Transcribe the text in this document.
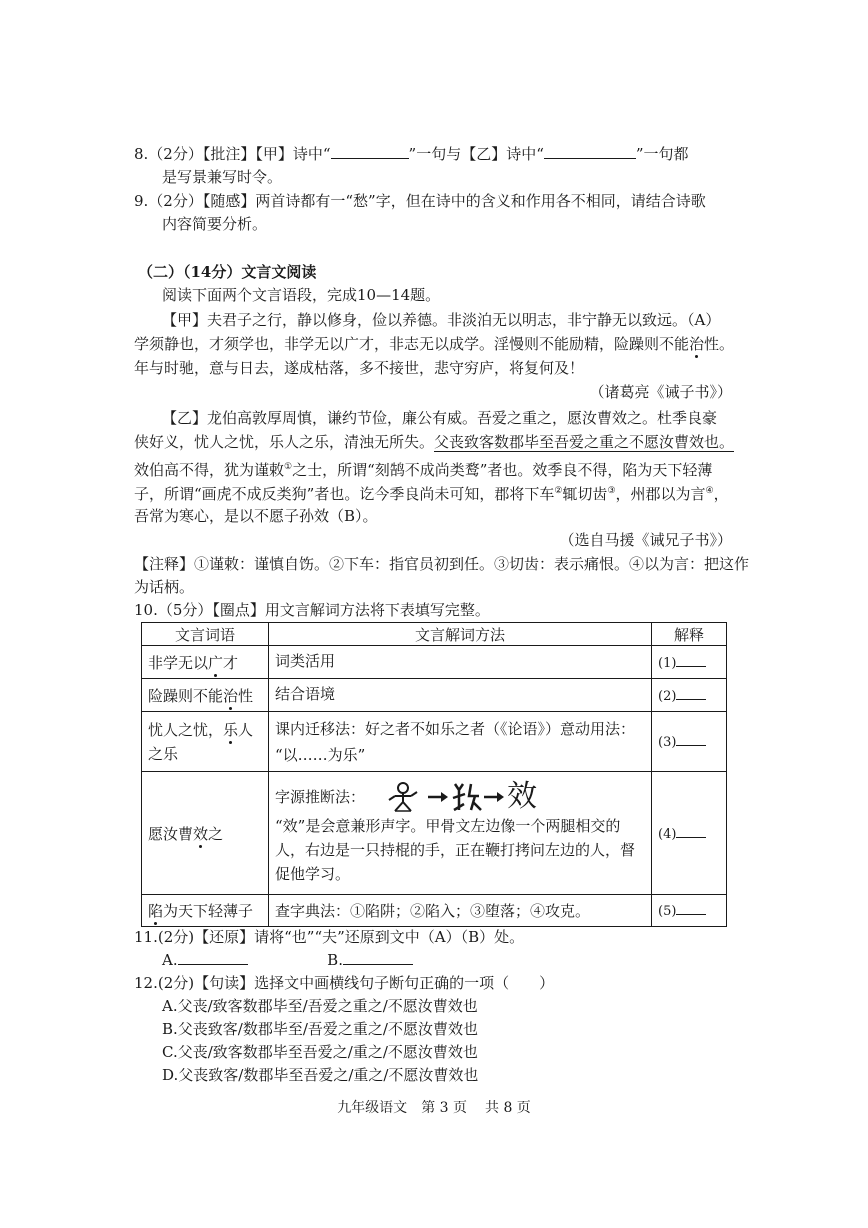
8.（2分）【批注】【甲】诗中“	”一句与【乙】诗中“	”一句都
是写景兼写时令。
9.（2分）【随感】两首诗都有一“愁”字，但在诗中的含义和作用各不相同，请结合诗歌
内容简要分析。
（二）（14分）文言文阅读
阅读下面两个文言语段，完成10—14题。
【甲】夫君子之行，静以修身，俭以养德。非淡泊无以明志，非宁静无以致远。（A）
学须静也，才须学也，非学无以广才，非志无以成学。淫慢则不能励精，险躁则不能治性。
年与时驰，意与日去，遂成枯落，多不接世，悲守穷庐，将复何及！
（诸葛亮《诫子书》）
【乙】龙伯高敦厚周慎，谦约节俭，廉公有威。吾爱之重之，愿汝曹效之。杜季良豪
侠好义，忧人之忧，乐人之乐，清浊无所失。父丧致客数郡毕至吾爱之重之不愿汝曹效也。
效伯高不得，犹为谨敕①之士，所谓“刻鹄不成尚类鹜”者也。效季良不得，陷为天下轻薄
子，所谓“画虎不成反类狗”者也。讫今季良尚未可知，郡将下车②辄切齿③，州郡以为言④，
吾常为寒心，是以不愿子孙效（B）。
（选自马援《诫兄子书》）
【注释】①谨敕：谨慎自饬。②下车：指官员初到任。③切齿：表示痛恨。④以为言：把这作
为话柄。
10.（5分）【圈点】用文言解词方法将下表填写完整。
文言词语	文言解词方法	解释
非学无以广才	词类活用	(1)
险躁则不能治性	结合语境	(2)
忧人之忧，乐人之乐	课内迁移法：好之者不如乐之者（《论语》）意动用法：
“以……为乐”	(3)
愿汝曹效之	字源推断法： 效
“效”是会意兼形声字。甲骨文左边像一个两腿相交的
人，右边是一只持棍的手，正在鞭打拷问左边的人，督
促他学习。	(4)
陷为天下轻薄子	查字典法：①陷阱；②陷入；③堕落；④攻克。	(5)
11.(2分)【还原】请将“也”“夫”还原到文中（A）（B）处。
A.	B.
12.(2分)【句读】选择文中画横线句子断句正确的一项（　　）
A.父丧/致客数郡毕至/吾爱之重之/不愿汝曹效也
B.父丧致客/数郡毕至/吾爱之重之/不愿汝曹效也
C.父丧/致客数郡毕至吾爱之/重之/不愿汝曹效也
D.父丧致客/数郡毕至吾爱之/重之/不愿汝曹效也
九年级语文 第 3 页 共 8 页
